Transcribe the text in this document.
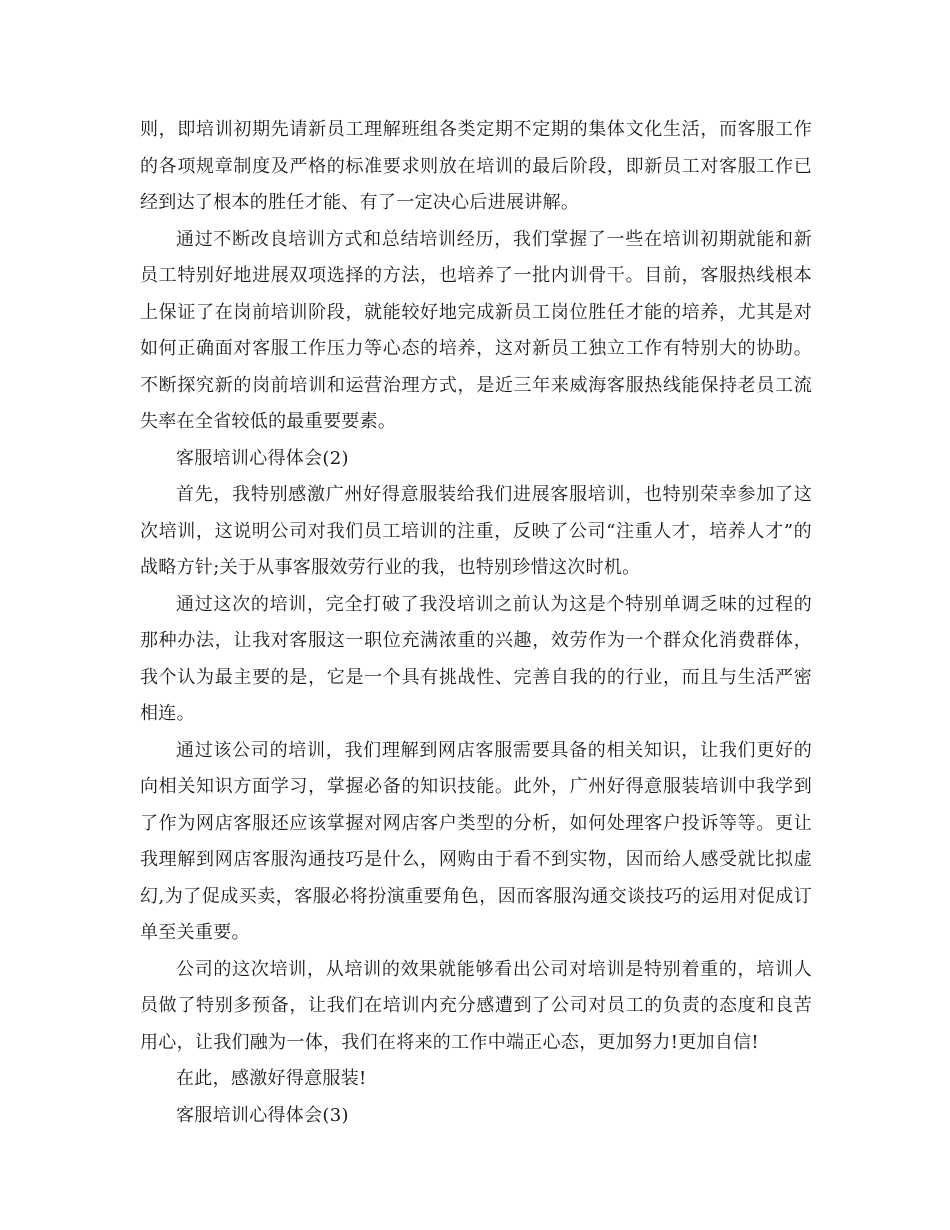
则，即培训初期先请新员工理解班组各类定期不定期的集体文化生活，而客服工作的各项规章制度及严格的标准要求则放在培训的最后阶段，即新员工对客服工作已经到达了根本的胜任才能、有了一定决心后进展讲解。

通过不断改良培训方式和总结培训经历，我们掌握了一些在培训初期就能和新员工特别好地进展双项选择的方法，也培养了一批内训骨干。目前，客服热线根本上保证了在岗前培训阶段，就能较好地完成新员工岗位胜任才能的培养，尤其是对如何正确面对客服工作压力等心态的培养，这对新员工独立工作有特别大的协助。不断探究新的岗前培训和运营治理方式，是近三年来威海客服热线能保持老员工流失率在全省较低的最重要要素。

客服培训心得体会(2)

首先，我特别感激广州好得意服装给我们进展客服培训，也特别荣幸参加了这次培训，这说明公司对我们员工培训的注重，反映了公司“注重人才，培养人才”的战略方针;关于从事客服效劳行业的我，也特别珍惜这次时机。

通过这次的培训，完全打破了我没培训之前认为这是个特别单调乏味的过程的那种办法，让我对客服这一职位充满浓重的兴趣，效劳作为一个群众化消费群体，我个认为最主要的是，它是一个具有挑战性、完善自我的的行业，而且与生活严密相连。

通过该公司的培训，我们理解到网店客服需要具备的相关知识，让我们更好的向相关知识方面学习，掌握必备的知识技能。此外，广州好得意服装培训中我学到了作为网店客服还应该掌握对网店客户类型的分析，如何处理客户投诉等等。更让我理解到网店客服沟通技巧是什么，网购由于看不到实物，因而给人感受就比拟虚幻,为了促成买卖，客服必将扮演重要角色，因而客服沟通交谈技巧的运用对促成订单至关重要。

公司的这次培训，从培训的效果就能够看出公司对培训是特别着重的，培训人员做了特别多预备，让我们在培训内充分感遭到了公司对员工的负责的态度和良苦用心，让我们融为一体，我们在将来的工作中端正心态，更加努力!更加自信!

在此，感激好得意服装!

客服培训心得体会(3)
